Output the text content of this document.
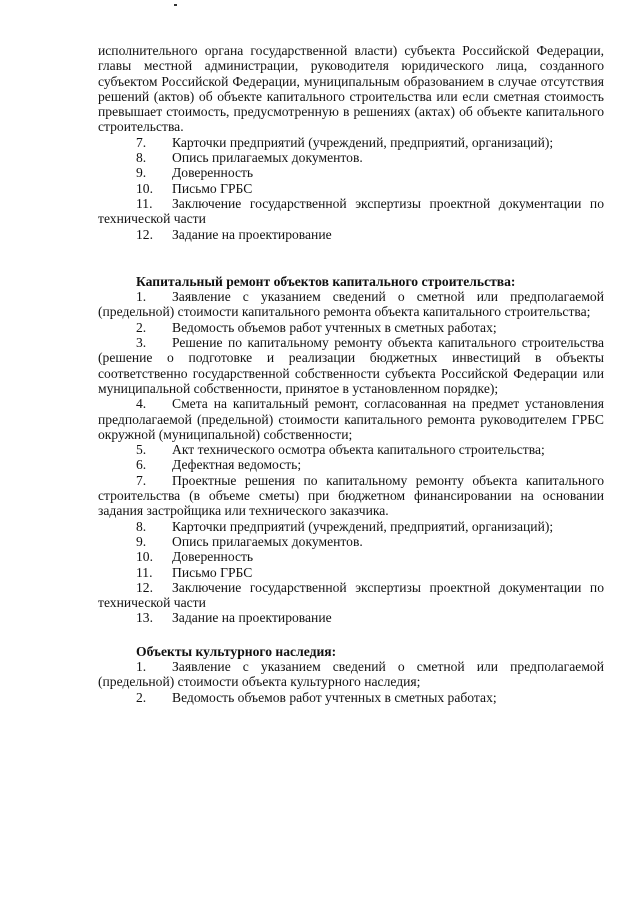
исполнительного органа государственной власти) субъекта Российской Федерации, главы местной администрации, руководителя юридического лица, созданного субъектом Российской Федерации, муниципальным образованием в случае отсутствия решений (актов) об объекте капитального строительства или если сметная стоимость превышает стоимость, предусмотренную в решениях (актах) об объекте капитального строительства.

7. Карточки предприятий (учреждений, предприятий, организаций);

8. Опись прилагаемых документов.

9. Доверенность

10. Письмо ГРБС

11. Заключение государственной экспертизы проектной документации по технической части

12. Задание на проектирование

Капитальный ремонт объектов капитального строительства:

1. Заявление с указанием сведений о сметной или предполагаемой (предельной) стоимости капитального ремонта объекта капитального строительства;

2. Ведомость объемов работ учтенных в сметных работах;

3. Решение по капитальному ремонту объекта капитального строительства (решение о подготовке и реализации бюджетных инвестиций в объекты соответственно государственной собственности субъекта Российской Федерации или муниципальной собственности, принятое в установленном порядке);

4. Смета на капитальный ремонт, согласованная на предмет установления предполагаемой (предельной) стоимости капитального ремонта руководителем ГРБС окружной (муниципальной) собственности;

5. Акт технического осмотра объекта капитального строительства;

6. Дефектная ведомость;

7. Проектные решения по капитальному ремонту объекта капитального строительства (в объеме сметы) при бюджетном финансировании на основании задания застройщика или технического заказчика.

8. Карточки предприятий (учреждений, предприятий, организаций);

9. Опись прилагаемых документов.

10. Доверенность

11. Письмо ГРБС

12. Заключение государственной экспертизы проектной документации по технической части

13. Задание на проектирование

Объекты культурного наследия:

1. Заявление с указанием сведений о сметной или предполагаемой (предельной) стоимости объекта культурного наследия;

2. Ведомость объемов работ учтенных в сметных работах;
